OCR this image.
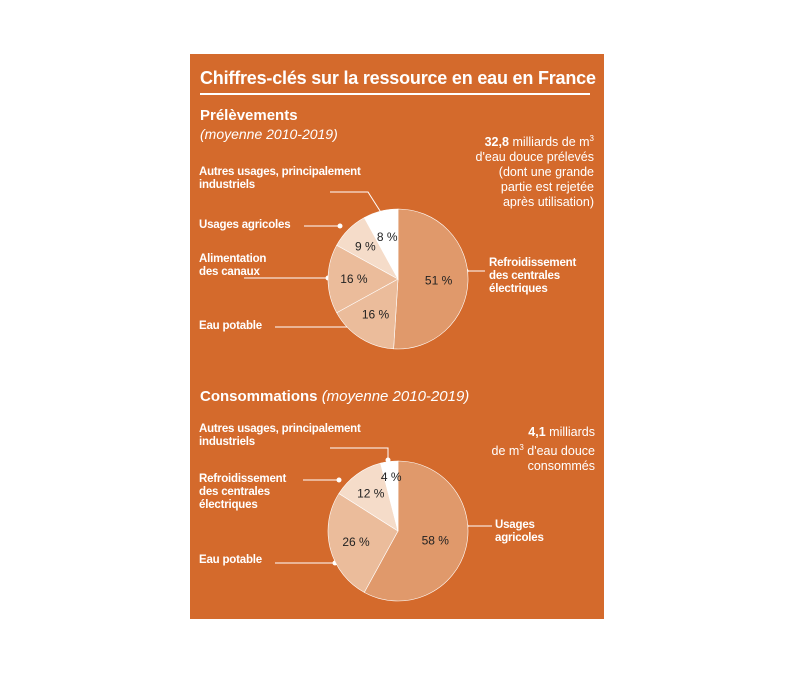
Chiffres-clés sur la ressource en eau en France
Prélèvements
(moyenne 2010-2019)
32,8 milliards de $m^3$
d'eau douce prélevés
(dont une grande
partie est rejetée
après utilisation)
Autres usages, principalement
industriels
Usages agricoles
Alimentation
des canaux
Eau potable
Refroidissement
des centrales
électriques
Consommations (moyenne 2010-2019)
4,1 milliards
de $m^3$ d'eau douce
consommés
Autres usages, principalement
industriels
Refroidissement
des centrales
électriques
Eau potable
Usages
agricoles
51 %
16 %
16 %
9 %
8 %
58 %
26 %
12 %
4 %
